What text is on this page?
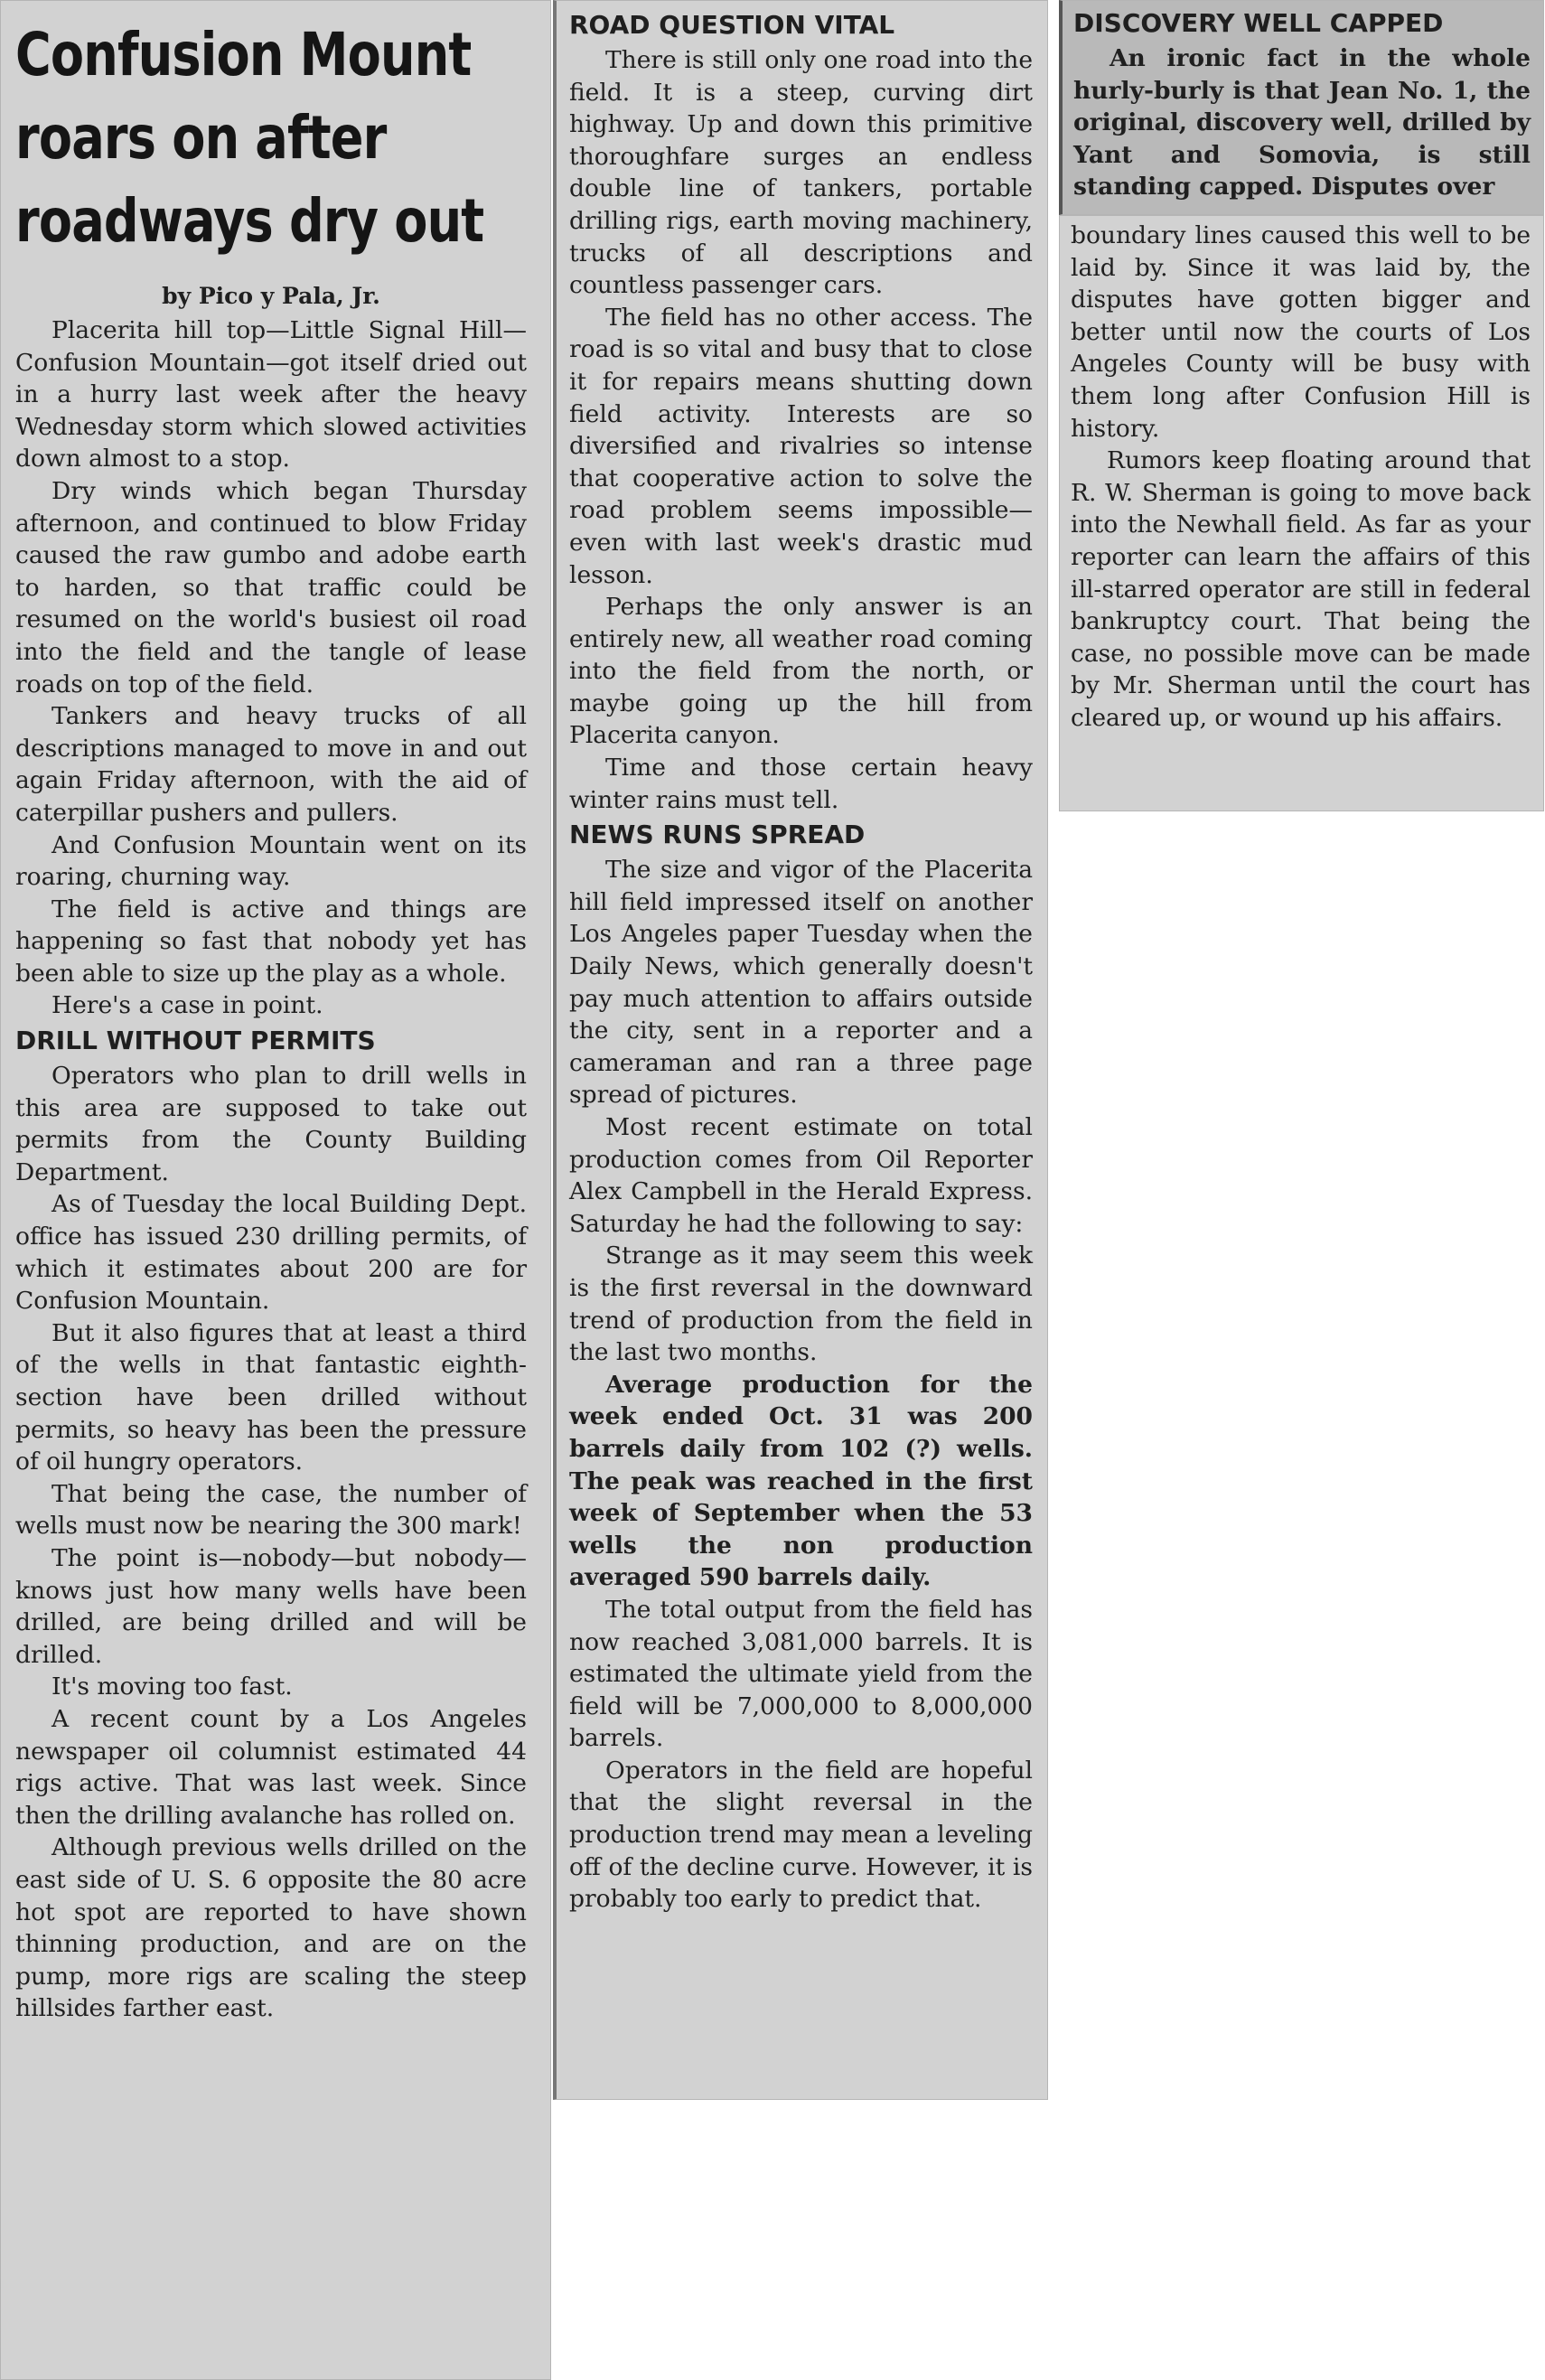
Confusion Mount roars on after roadways dry out
by Pico y Pala, Jr.

Placerita hill top—Little Signal Hill—Confusion Mountain—got itself dried out in a hurry last week after the heavy Wednesday storm which slowed activities down almost to a stop.

Dry winds which began Thursday afternoon, and continued to blow Friday caused the raw gumbo and adobe earth to harden, so that traffic could be resumed on the world's busiest oil road into the field and the tangle of lease roads on top of the field.

Tankers and heavy trucks of all descriptions managed to move in and out again Friday afternoon, with the aid of caterpillar pushers and pullers.

And Confusion Mountain went on its roaring, churning way.

The field is active and things are happening so fast that nobody yet has been able to size up the play as a whole.

Here's a case in point.

DRILL WITHOUT PERMITS

Operators who plan to drill wells in this area are supposed to take out permits from the County Building Department.

As of Tuesday the local Building Dept. office has issued 230 drilling permits, of which it estimates about 200 are for Confusion Mountain.

But it also figures that at least a third of the wells in that fantastic eighth-section have been drilled without permits, so heavy has been the pressure of oil hungry operators.

That being the case, the number of wells must now be nearing the 300 mark!

The point is—nobody—but nobody—knows just how many wells have been drilled, are being drilled and will be drilled.

It's moving too fast.

A recent count by a Los Angeles newspaper oil columnist estimated 44 rigs active. That was last week. Since then the drilling avalanche has rolled on.

Although previous wells drilled on the east side of U. S. 6 opposite the 80 acre hot spot are reported to have shown thinning production, and are on the pump, more rigs are scaling the steep hillsides farther east.

ROAD QUESTION VITAL

There is still only one road into the field. It is a steep, curving dirt highway. Up and down this primitive thoroughfare surges an endless double line of tankers, portable drilling rigs, earth moving machinery, trucks of all descriptions and countless passenger cars.

The field has no other access. The road is so vital and busy that to close it for repairs means shutting down field activity. Interests are so diversified and rivalries so intense that cooperative action to solve the road problem seems impossible—even with last week's drastic mud lesson.

Perhaps the only answer is an entirely new, all weather road coming into the field from the north, or maybe going up the hill from Placerita canyon.

Time and those certain heavy winter rains must tell.

NEWS RUNS SPREAD

The size and vigor of the Placerita hill field impressed itself on another Los Angeles paper Tuesday when the Daily News, which generally doesn't pay much attention to affairs outside the city, sent in a reporter and a cameraman and ran a three page spread of pictures.

Most recent estimate on total production comes from Oil Reporter Alex Campbell in the Herald Express. Saturday he had the following to say:

Strange as it may seem this week is the first reversal in the downward trend of production from the field in the last two months.

Average production for the week ended Oct. 31 was 200 barrels daily from 102 (?) wells. The peak was reached in the first week of September when the 53 wells the non production averaged 590 barrels daily.

The total output from the field has now reached 3,081,000 barrels. It is estimated the ultimate yield from the field will be 7,000,000 to 8,000,000 barrels.

Operators in the field are hopeful that the slight reversal in the production trend may mean a leveling off of the decline curve. However, it is probably too early to predict that.

DISCOVERY WELL CAPPED

An ironic fact in the whole hurly-burly is that Jean No. 1, the original, discovery well, drilled by Yant and Somovia, is still standing capped. Disputes over

boundary lines caused this well to be laid by. Since it was laid by, the disputes have gotten bigger and better until now the courts of Los Angeles County will be busy with them long after Confusion Hill is history.

Rumors keep floating around that R. W. Sherman is going to move back into the Newhall field. As far as your reporter can learn the affairs of this ill-starred operator are still in federal bankruptcy court. That being the case, no possible move can be made by Mr. Sherman until the court has cleared up, or wound up his affairs.
